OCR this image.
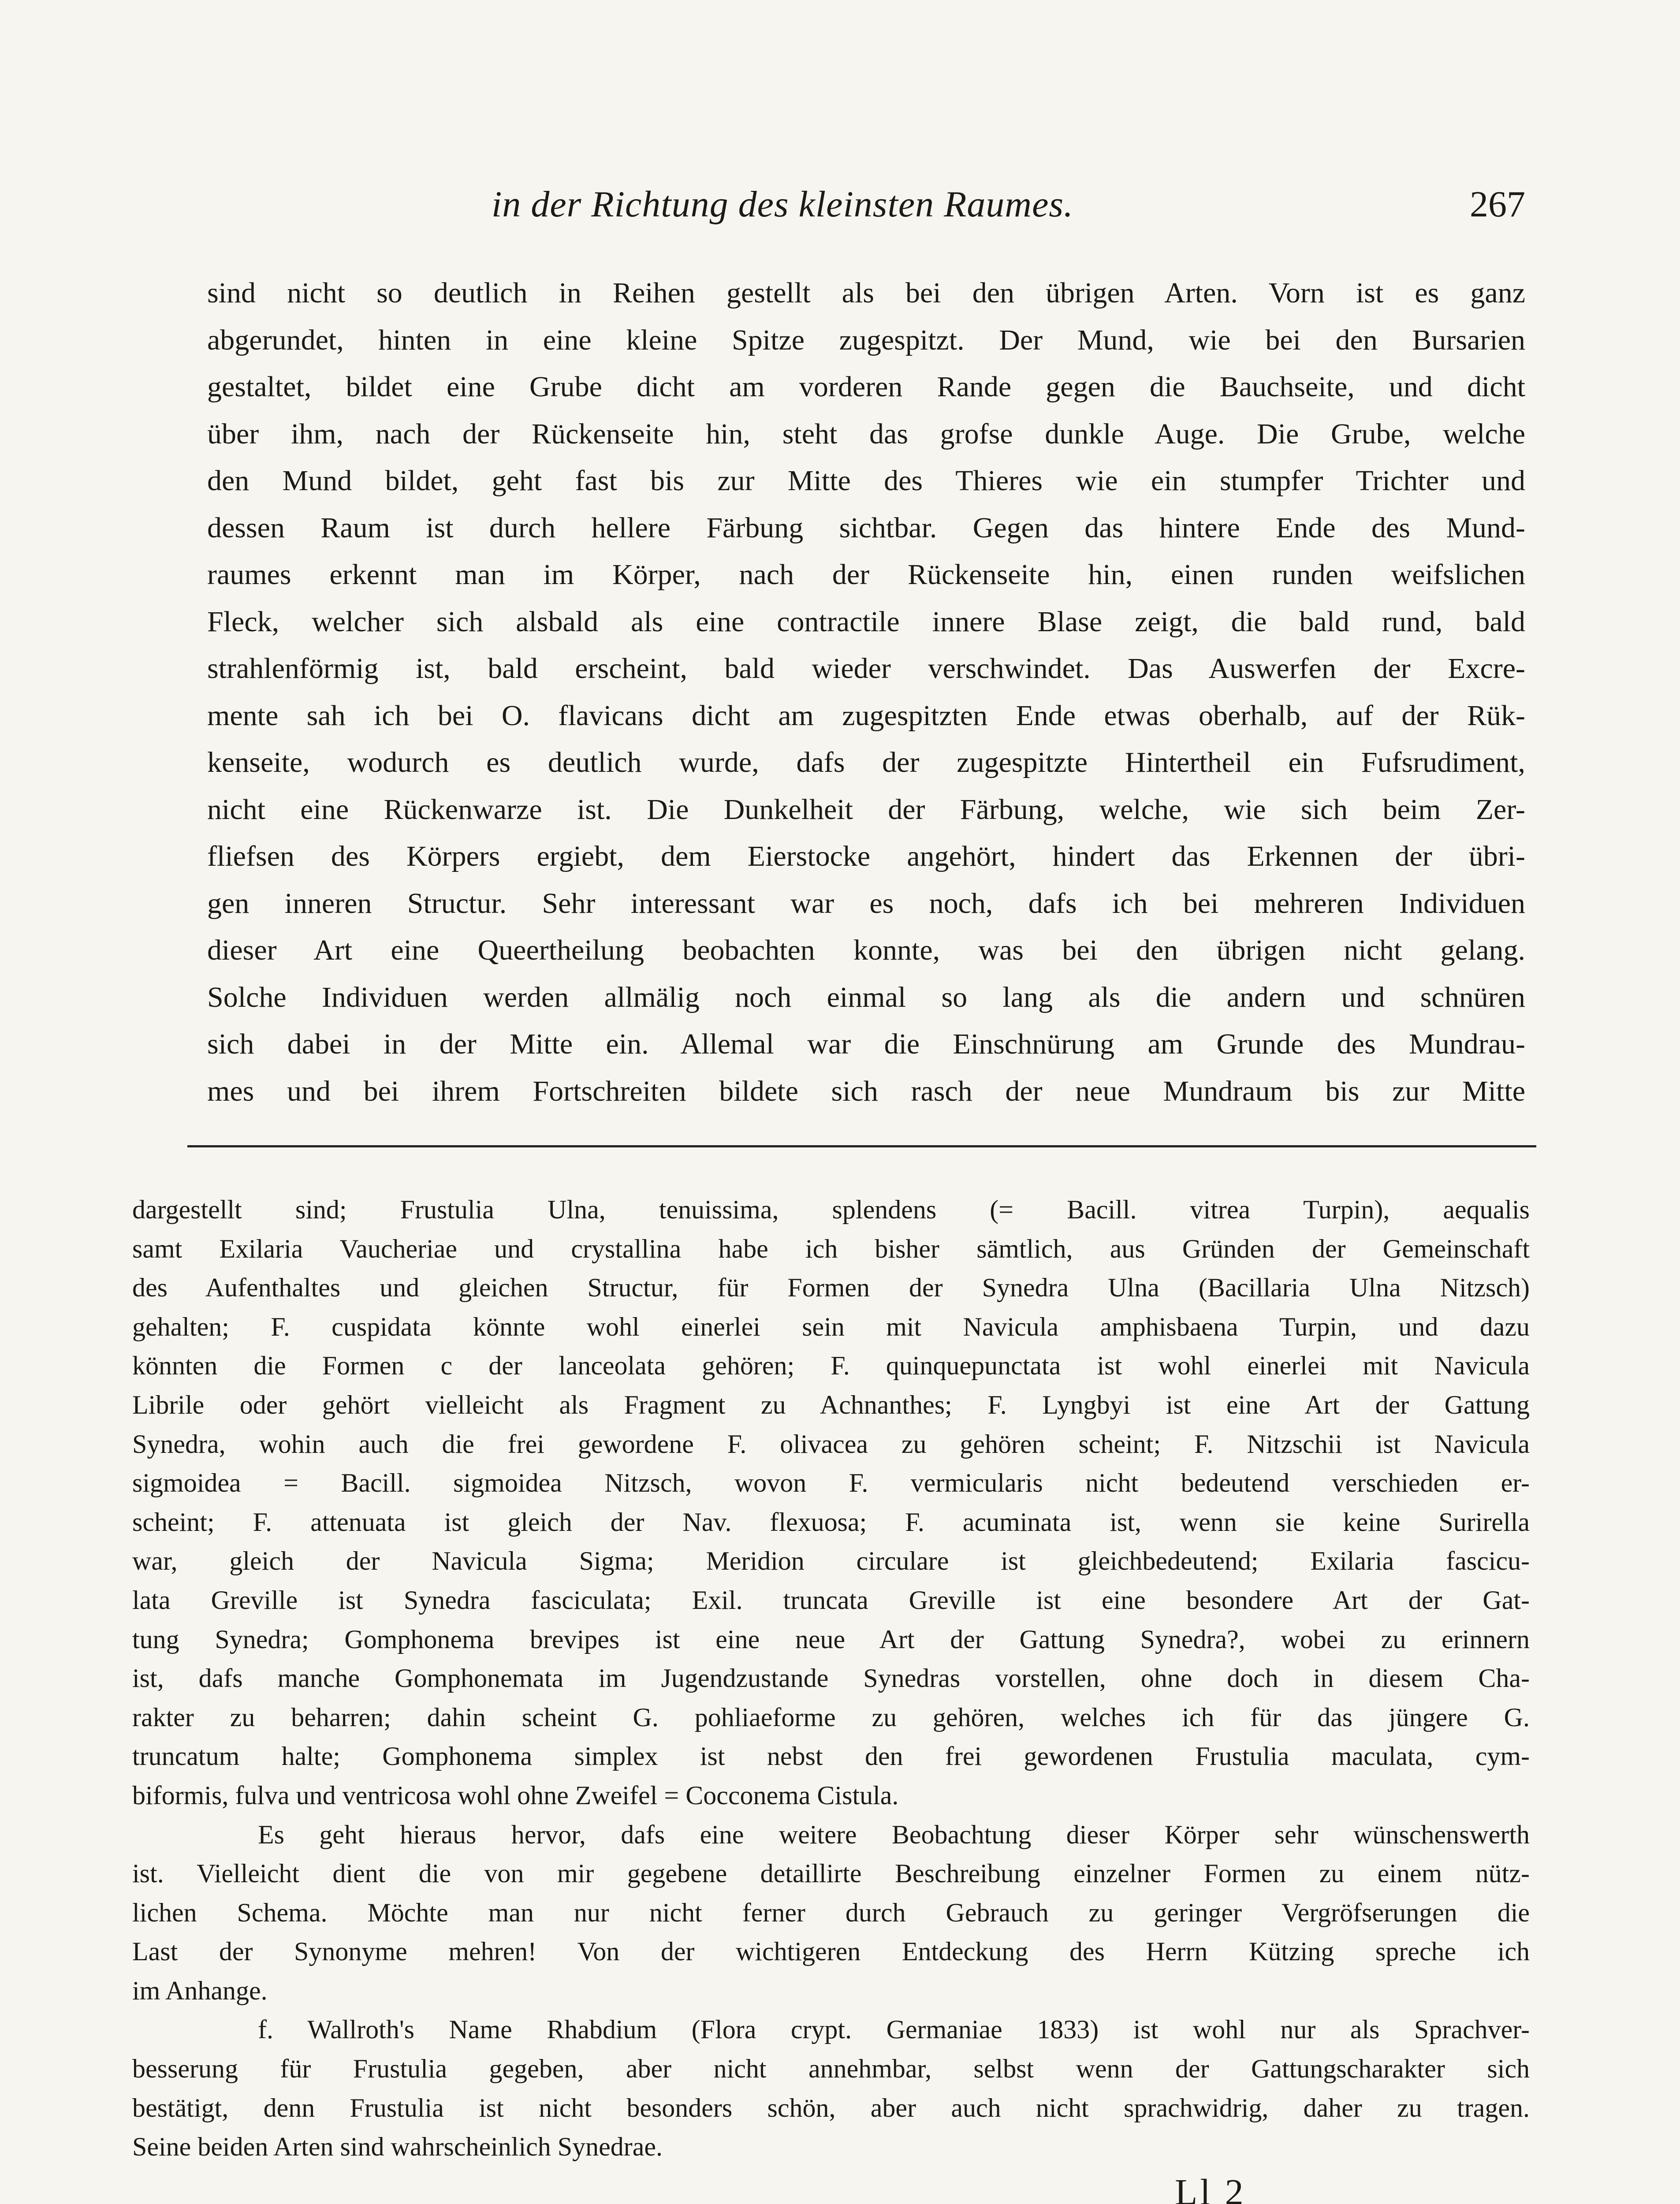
in der Richtung des kleinsten Raumes.	267
sind nicht so deutlich in Reihen gestellt als bei den übrigen Arten. Vorn ist es ganz
abgerundet, hinten in eine kleine Spitze zugespitzt. Der Mund, wie bei den Bursarien
gestaltet, bildet eine Grube dicht am vorderen Rande gegen die Bauchseite, und dicht
über ihm, nach der Rückenseite hin, steht das grofse dunkle Auge. Die Grube, welche
den Mund bildet, geht fast bis zur Mitte des Thieres wie ein stumpfer Trichter und
dessen Raum ist durch hellere Färbung sichtbar. Gegen das hintere Ende des Mund-
raumes erkennt man im Körper, nach der Rückenseite hin, einen runden weifslichen
Fleck, welcher sich alsbald als eine contractile innere Blase zeigt, die bald rund, bald
strahlenförmig ist, bald erscheint, bald wieder verschwindet. Das Auswerfen der Excre-
mente sah ich bei O. flavicans dicht am zugespitzten Ende etwas oberhalb, auf der Rük-
kenseite, wodurch es deutlich wurde, dafs der zugespitzte Hintertheil ein Fufsrudiment,
nicht eine Rückenwarze ist. Die Dunkelheit der Färbung, welche, wie sich beim Zer-
fliefsen des Körpers ergiebt, dem Eierstocke angehört, hindert das Erkennen der übri-
gen inneren Structur. Sehr interessant war es noch, dafs ich bei mehreren Individuen
dieser Art eine Queertheilung beobachten konnte, was bei den übrigen nicht gelang.
Solche Individuen werden allmälig noch einmal so lang als die andern und schnüren
sich dabei in der Mitte ein. Allemal war die Einschnürung am Grunde des Mundrau-
mes und bei ihrem Fortschreiten bildete sich rasch der neue Mundraum bis zur Mitte
dargestellt sind; Frustulia Ulna, tenuissima, splendens (= Bacill. vitrea Turpin), aequalis
samt Exilaria Vaucheriae und crystallina habe ich bisher sämtlich, aus Gründen der Gemeinschaft
des Aufenthaltes und gleichen Structur, für Formen der Synedra Ulna (Bacillaria Ulna Nitzsch)
gehalten; F. cuspidata könnte wohl einerlei sein mit Navicula amphisbaena Turpin, und dazu
könnten die Formen c der lanceolata gehören; F. quinquepunctata ist wohl einerlei mit Navicula
Librile oder gehört vielleicht als Fragment zu Achnanthes; F. Lyngbyi ist eine Art der Gattung
Synedra, wohin auch die frei gewordene F. olivacea zu gehören scheint; F. Nitzschii ist Navicula
sigmoidea = Bacill. sigmoidea Nitzsch, wovon F. vermicularis nicht bedeutend verschieden er-
scheint; F. attenuata ist gleich der Nav. flexuosa; F. acuminata ist, wenn sie keine Surirella
war, gleich der Navicula Sigma; Meridion circulare ist gleichbedeutend; Exilaria fascicu-
lata Greville ist Synedra fasciculata; Exil. truncata Greville ist eine besondere Art der Gat-
tung Synedra; Gomphonema brevipes ist eine neue Art der Gattung Synedra?, wobei zu erinnern
ist, dafs manche Gomphonemata im Jugendzustande Synedras vorstellen, ohne doch in diesem Cha-
rakter zu beharren; dahin scheint G. pohliaeforme zu gehören, welches ich für das jüngere G.
truncatum halte; Gomphonema simplex ist nebst den frei gewordenen Frustulia maculata, cym-
biformis, fulva und ventricosa wohl ohne Zweifel = Cocconema Cistula.
Es geht hieraus hervor, dafs eine weitere Beobachtung dieser Körper sehr wünschenswerth
ist. Vielleicht dient die von mir gegebene detaillirte Beschreibung einzelner Formen zu einem nütz-
lichen Schema. Möchte man nur nicht ferner durch Gebrauch zu geringer Vergröfserungen die
Last der Synonyme mehren! Von der wichtigeren Entdeckung des Herrn Kützing spreche ich
im Anhange.
f. Wallroth's Name Rhabdium (Flora crypt. Germaniae 1833) ist wohl nur als Sprachver-
besserung für Frustulia gegeben, aber nicht annehmbar, selbst wenn der Gattungscharakter sich
bestätigt, denn Frustulia ist nicht besonders schön, aber auch nicht sprachwidrig, daher zu tragen.
Seine beiden Arten sind wahrscheinlich Synedrae.
Ll 2
